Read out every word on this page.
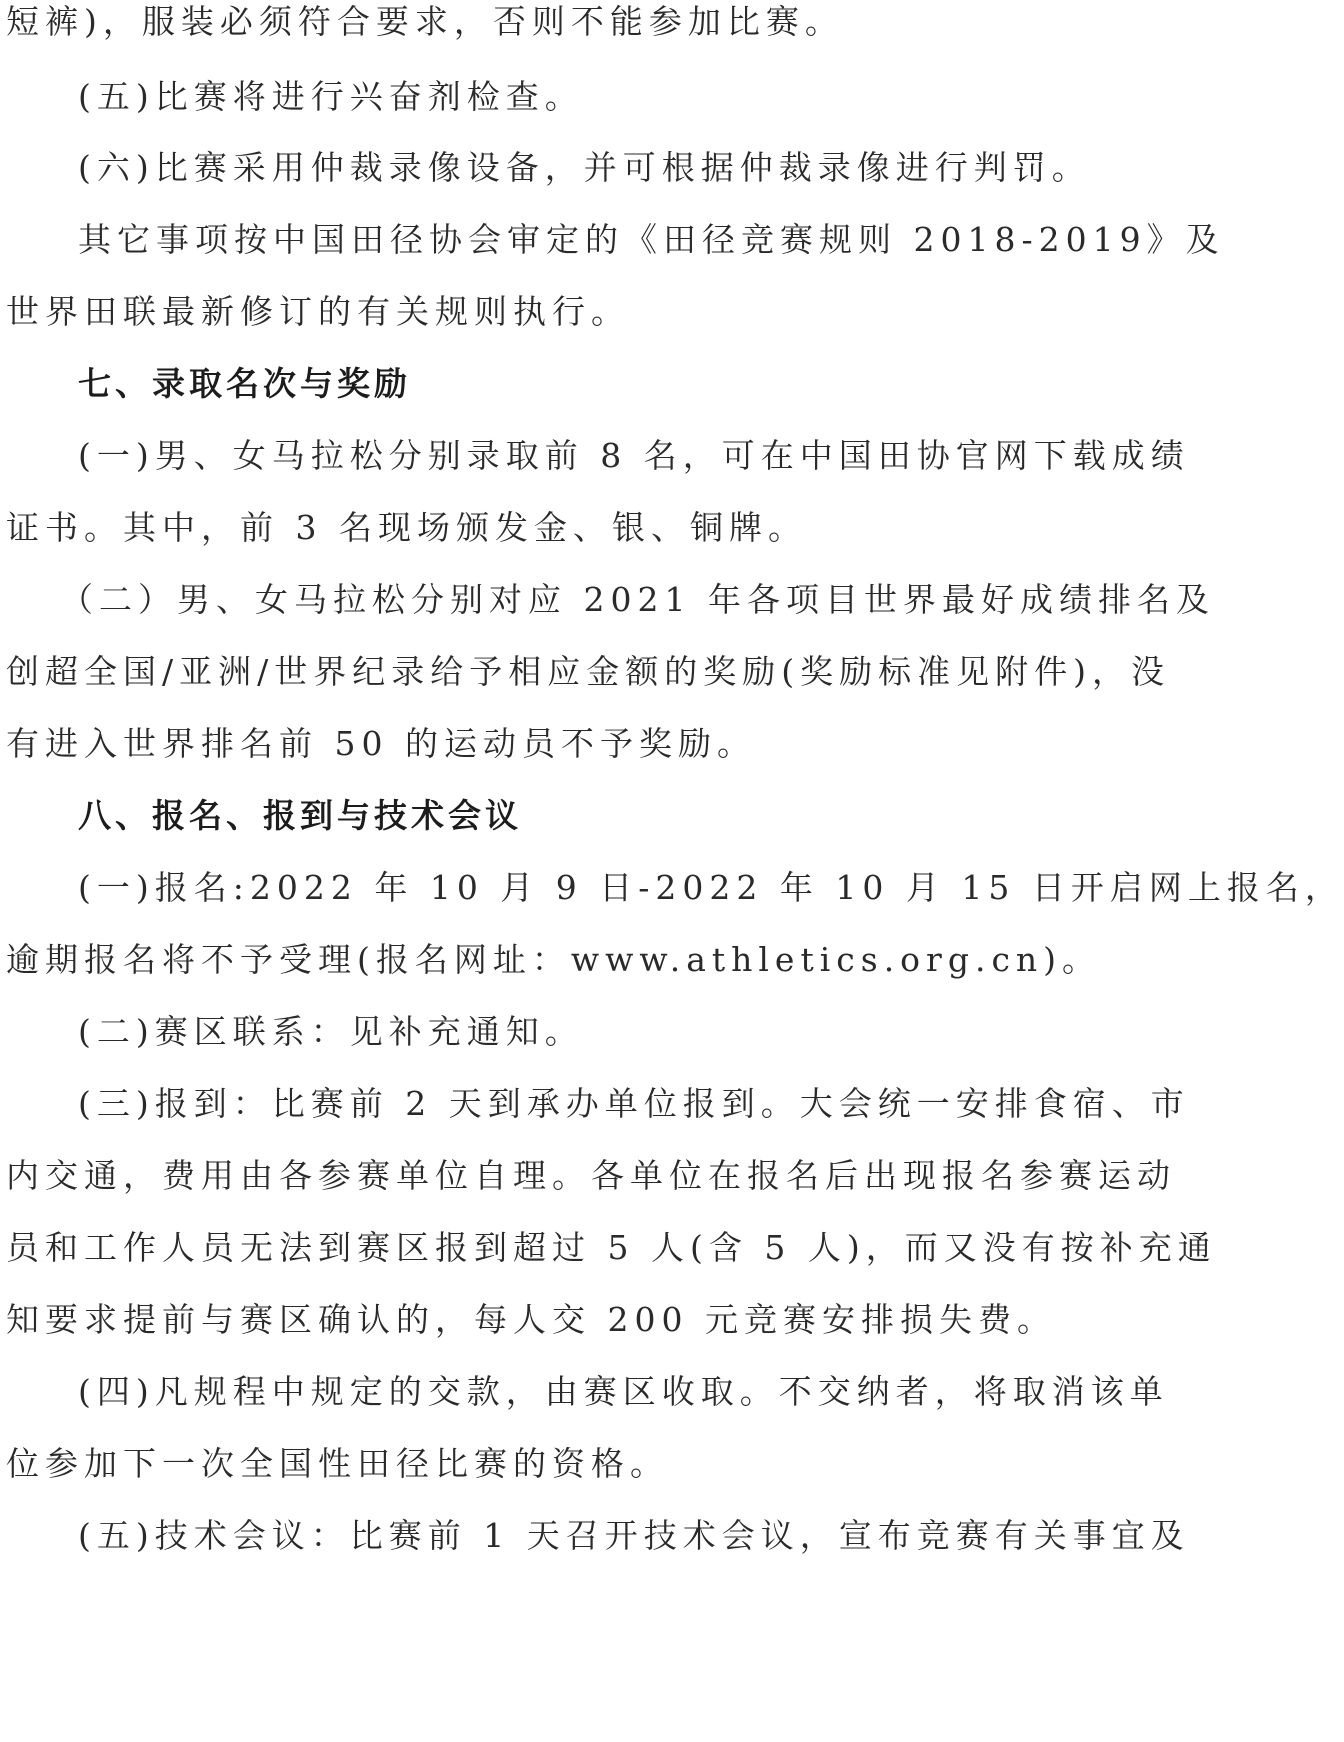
短裤)，服装必须符合要求，否则不能参加比赛。
(五)比赛将进行兴奋剂检查。
(六)比赛采用仲裁录像设备，并可根据仲裁录像进行判罚。
其它事项按中国田径协会审定的《田径竞赛规则 2018-2019》及
世界田联最新修订的有关规则执行。
七、录取名次与奖励
(一)男、女马拉松分别录取前 8 名，可在中国田协官网下载成绩
证书。其中，前 3 名现场颁发金、银、铜牌。
（二）男、女马拉松分别对应 2021 年各项目世界最好成绩排名及
创超全国/亚洲/世界纪录给予相应金额的奖励(奖励标准见附件)，没
有进入世界排名前 50 的运动员不予奖励。
八、报名、报到与技术会议
(一)报名:2022 年 10 月 9 日-2022 年 10 月 15 日开启网上报名，
逾期报名将不予受理(报名网址：www.athletics.org.cn)。
(二)赛区联系：见补充通知。
(三)报到：比赛前 2 天到承办单位报到。大会统一安排食宿、市
内交通，费用由各参赛单位自理。各单位在报名后出现报名参赛运动
员和工作人员无法到赛区报到超过 5 人(含 5 人)，而又没有按补充通
知要求提前与赛区确认的，每人交 200 元竞赛安排损失费。
(四)凡规程中规定的交款，由赛区收取。不交纳者，将取消该单
位参加下一次全国性田径比赛的资格。
(五)技术会议：比赛前 1 天召开技术会议，宣布竞赛有关事宜及
